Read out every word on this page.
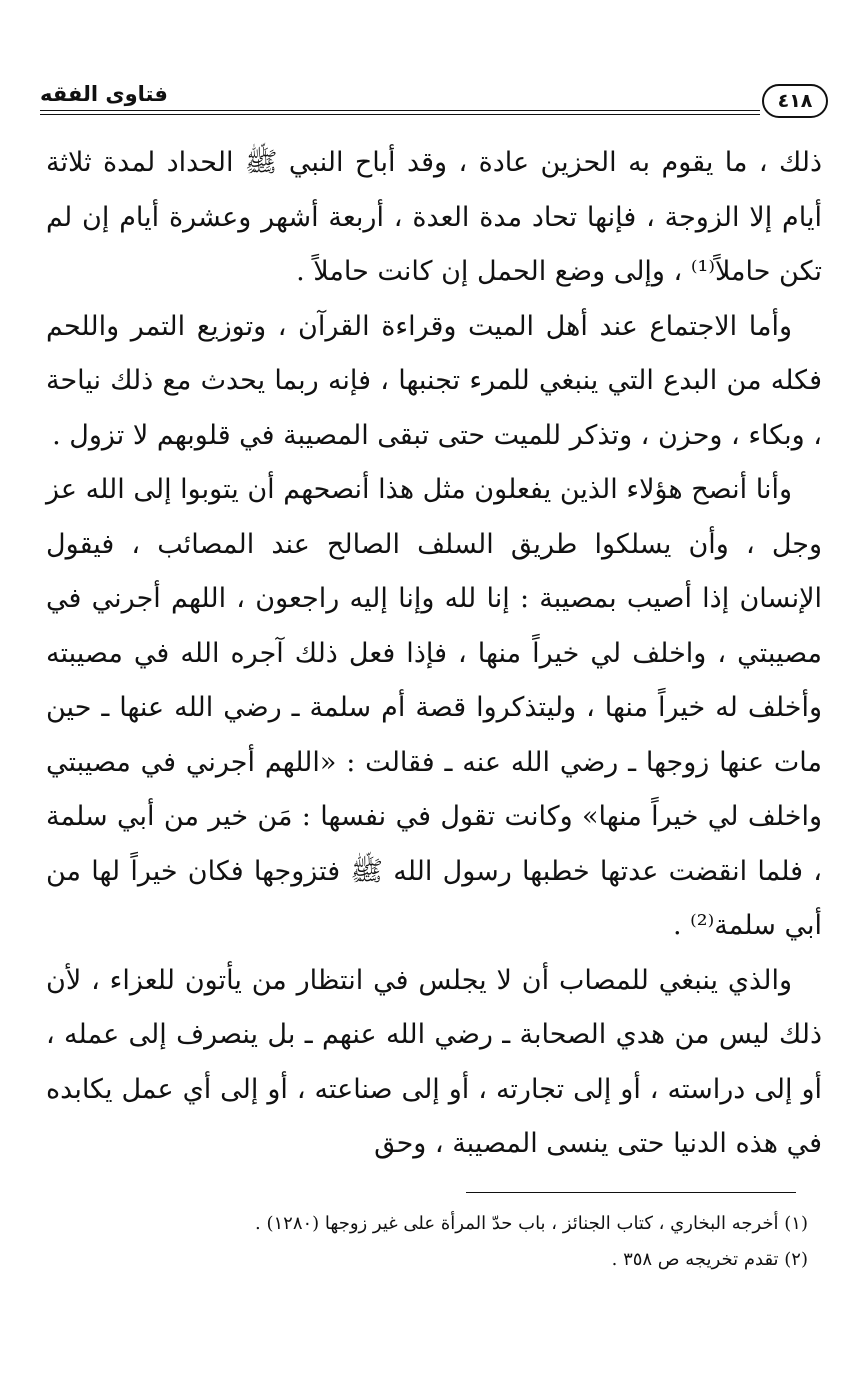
٤١٨
فتاوى الفقه

ذلك ، ما يقوم به الحزين عادة ، وقد أباح النبي ﷺ الحداد لمدة ثلاثة أيام إلا الزوجة ، فإنها تحاد مدة العدة ، أربعة أشهر وعشرة أيام إن لم تكن حاملاً⁽¹⁾ ، وإلى وضع الحمل إن كانت حاملاً .

وأما الاجتماع عند أهل الميت وقراءة القرآن ، وتوزيع التمر واللحم فكله من البدع التي ينبغي للمرء تجنبها ، فإنه ربما يحدث مع ذلك نياحة ، وبكاء ، وحزن ، وتذكر للميت حتى تبقى المصيبة في قلوبهم لا تزول .

وأنا أنصح هؤلاء الذين يفعلون مثل هذا أنصحهم أن يتوبوا إلى الله عز وجل ، وأن يسلكوا طريق السلف الصالح عند المصائب ، فيقول الإنسان إذا أصيب بمصيبة : إنا لله وإنا إليه راجعون ، اللهم أجرني في مصيبتي ، واخلف لي خيراً منها ، فإذا فعل ذلك آجره الله في مصيبته وأخلف له خيراً منها ، وليتذكروا قصة أم سلمة ـ رضي الله عنها ـ حين مات عنها زوجها ـ رضي الله عنه ـ فقالت : «اللهم أجرني في مصيبتي واخلف لي خيراً منها» وكانت تقول في نفسها : مَن خير من أبي سلمة ، فلما انقضت عدتها خطبها رسول الله ﷺ فتزوجها فكان خيراً لها من أبي سلمة⁽²⁾ .

والذي ينبغي للمصاب أن لا يجلس في انتظار من يأتون للعزاء ، لأن ذلك ليس من هدي الصحابة ـ رضي الله عنهم ـ بل ينصرف إلى عمله ، أو إلى دراسته ، أو إلى تجارته ، أو إلى صناعته ، أو إلى أي عمل يكابده في هذه الدنيا حتى ينسى المصيبة ، وحق

(١) أخرجه البخاري ، كتاب الجنائز ، باب حدّ المرأة على غير زوجها (١٢٨٠) .
(٢) تقدم تخريجه ص ٣٥٨ .
